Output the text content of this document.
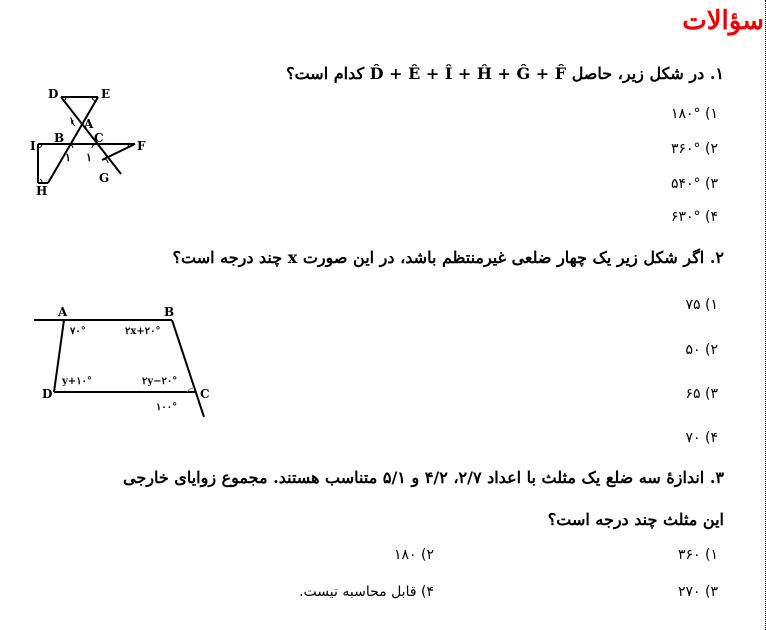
سؤالات
۱. در شکل زیر، حاصل D̂ + Ê + Î + Ĥ + Ĝ + F̂ کدام است؟
۱) ۱۸۰°
۲) ۳۶۰°
۳) ۵۴۰°
۴) ۶۳۰°
D	E
A
B C
I	F
H
G
۱
۱ ۱
۲. اگر شکل زیر یک چهار ضلعی غیرمنتظم باشد، در این صورت x چند درجه است؟
۱) ۷۵
۲) ۵۰
۳) ۶۵
۴) ۷۰
A	B
D	C
۷۰°	۲x+۲۰°
y+۱۰°	۲y−۲۰°
۱۰۰°
۳. اندازهٔ سه ضلع یک مثلث با اعداد ۲/۷، ۴/۲ و ۵/۱ متناسب هستند. مجموع زوایای خارجی
این مثلث چند درجه است؟
۱) ۳۶۰
۲) ۱۸۰
۳) ۲۷۰
۴) قابل محاسبه نیست.
